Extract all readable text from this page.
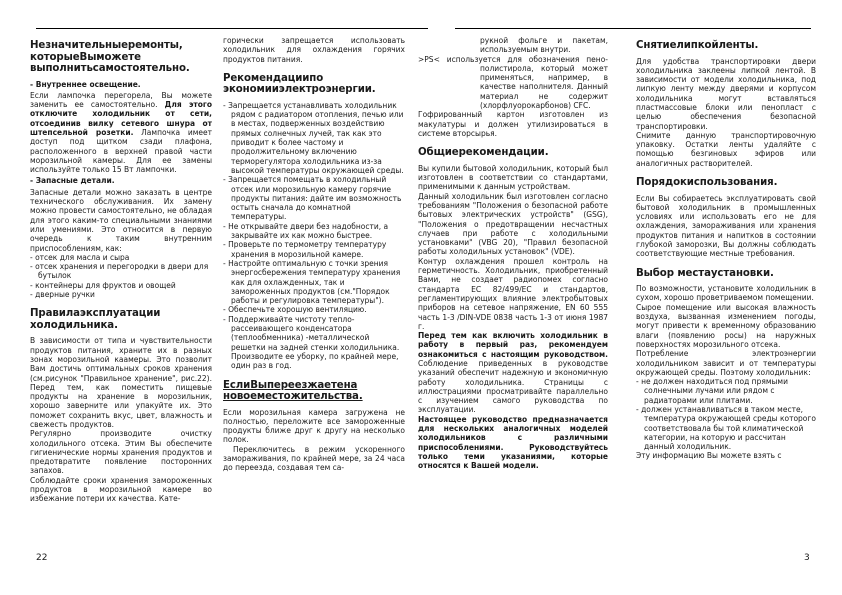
Незначительныеремонты, которыеВыможете выполнитьсамостоятельно.
- Внутреннее освещение.

Если лампочка перегорела, Вы можете заменить ее самостоятельно. Для этого отключите холодильник от сети, отсоединив вилку сетевого шнура от штепсельной розетки. Лампочка имеет доступ под щитком сзади плафона, расположенного в верхней правой части морозильной камеры. Для ее замены используйте только 15 Вт лампочки.

- Запасные детали.

Запасные детали можно заказать в центре технического обслуживания. Их замену можно провести самостоятельно, не обладая для этого каким-то специальными знаниями или умениями. Это относится в первую очередь к таким внутренним приспособлениям, как:

- отсек для масла и сыра
- отсек хранения и перегородки в двери для бутылок
- контейнеры для фруктов и овощей
- дверные ручки
Правилаэксплуатации холодильника.

В зависимости от типа и чувствительности продуктов питания, храните их в разных зонах морозильной каамеры. Это позволит Вам достичь оптимальных сроков хранения (см.рисунок "Правильное хранение", рис.22). Перед тем, как поместить пищевые продукты на хранение в морозильник, хорошо заверните или упакуйте их. Это поможет сохранить вкус, цвет, влажность и свежесть продуктов.

Регулярно производите очистку холодильного отсека. Этим Вы обеспечите гигиенические нормы хранения продуктов и предотвратите появление посторонних запахов.

Соблюдайте сроки хранения замороженных продуктов в морозильной камере во избежание потери их качества. Кате-

горически запрещается использовать холодильник для охлаждения горячих продуктов питания.

Рекомендациипо экономииэлектроэнергии.
- Запрещается устанавливать холодильник рядом с радиатором отопления, печью или в местах, подверженных воздействию прямых солнечных лучей, так как это приводит к более частому и продолжительному включению терморегулятора холодильника из-за высокой температуры окружающей среды.
- Запрещается помещать в холодильный отсек или морозильную камеру горячие продукты питания: дайте им возможность остыть сначала до комнатной температуры.
- Не открывайте двери без надобности, а закрывайте их как можно быстрее.
- Проверьте по термометру температуру хранения в морозильной камере.
- Настройте оптимальную с точки зрения энергосбережения температуру хранения как для охлажденных, так и замороженных продуктов (см."Порядок работы и регулировка температуры").
- Обеспечьте хорошую вентиляцию.
- Поддерживайте чистоту тепло-рассеивающего конденсатора (теплообменника) -металлической решетки на задней стенки холодильника. Производите ее уборку, по крайней мере, один раз в год.
ЕслиВыпереезжаетена новоеместожительства.

Если морозильная камера загружена не полностью, переложите все замороженные продукты ближе друг к другу на несколько полок.

Переключитесь в режим ускоренного замораживания, по крайней мере, за 24 часа до переезда, создавая тем са-

рукной фольге и пакетам, используемым внутри.

>PS< используется для обозначения пено-полистирола, который может применяться, например, в качестве наполнителя. Данный материал не содержит (хлорфлуорокарбонов) CFC.

Гофрированный картон изготовлен из макулатуры и должен утилизироваться в системе вторсырья.

Общиерекомендации.

Вы купили бытовой холодильник, который был изготовлен в соответствии со стандартами, применимыми к данным устройствам.

Данный холодильник был изготовлен согласно требованиям "Положения о безопасной работе бытовых электрических устройств" (GSG), "Положения о предотвращении несчастных случаев при работе с холодильными установками" (VBG 20), "Правил безопасной работы холодильных установок" (VDE).

Контур охлаждения прошел контроль на герметичность. Холодильник, приобретенный Вами, не создает радиопомех согласно стандарта EC 82/499/EC и стандартов, регламентирующих влияние электробытовых приборов на сетевое напряжение, EN 60 555 часть 1-3 /DIN-VDE 0838 часть 1-3 от июня 1987 г.

Перед тем как включить холодильник в работу в первый раз, рекомендуем ознакомиться с настоящим руководством. Соблюдение приведенных в руководстве указаний обеспечит надежную и экономичную работу холодильника. Страницы с иллюстрациями просматривайте параллельно с изучением самого руководства по эксплуатации.

Настоящее руководство предназначается для нескольких аналогичных моделей холодильников с различными приспособлениями. Руководствуйтесь только теми указаниями, которые относятся к Вашей модели.

Снятиелипкойленты.

Для удобства транспортировки двери холодильника заклеены липкой лентой. В зависимости от модели холодильника, под липкую ленту между дверями и корпусом холодильника могут вставляться пластмассовые блоки или пенопласт с целью обеспечения безопасной транспортировки.

Снимите данную транспортировочную упаковку. Остатки ленты удаляйте с помощью безгиновых эфиров или аналогичных растворителей.

Порядокиспользования.

Если Вы собираетесь эксплуатировать свой бытовой холодильник в промышленных условиях или использовать его не для охлаждения, замораживания или хранения продуктов питания и напитков в состоянии глубокой заморозки, Вы должны соблюдать соответствующие местные требования.

Выбор местаустановки.

По возможности, установите холодильник в сухом, хорошо проветриваемом помещении.

Сырое помещение или высокая влажность воздуха, вызванная изменением погоды, могут привести к временному образованию влаги (появлению росы) на наружных поверхностях морозильного отсека.

Потребление электроэнергии холодильником зависит и от температуры окружающей среды. Поэтому холодильник:

- не должен находиться под прямыми солнечными лучами или рядом с радиаторами или плитами.
- должен устанавливаться в таком месте, температура окружающей среды которого соответствовала бы той климатической категории, на которую и рассчитан данный холодильник.

Эту информацию Вы можете взять с

22	3
